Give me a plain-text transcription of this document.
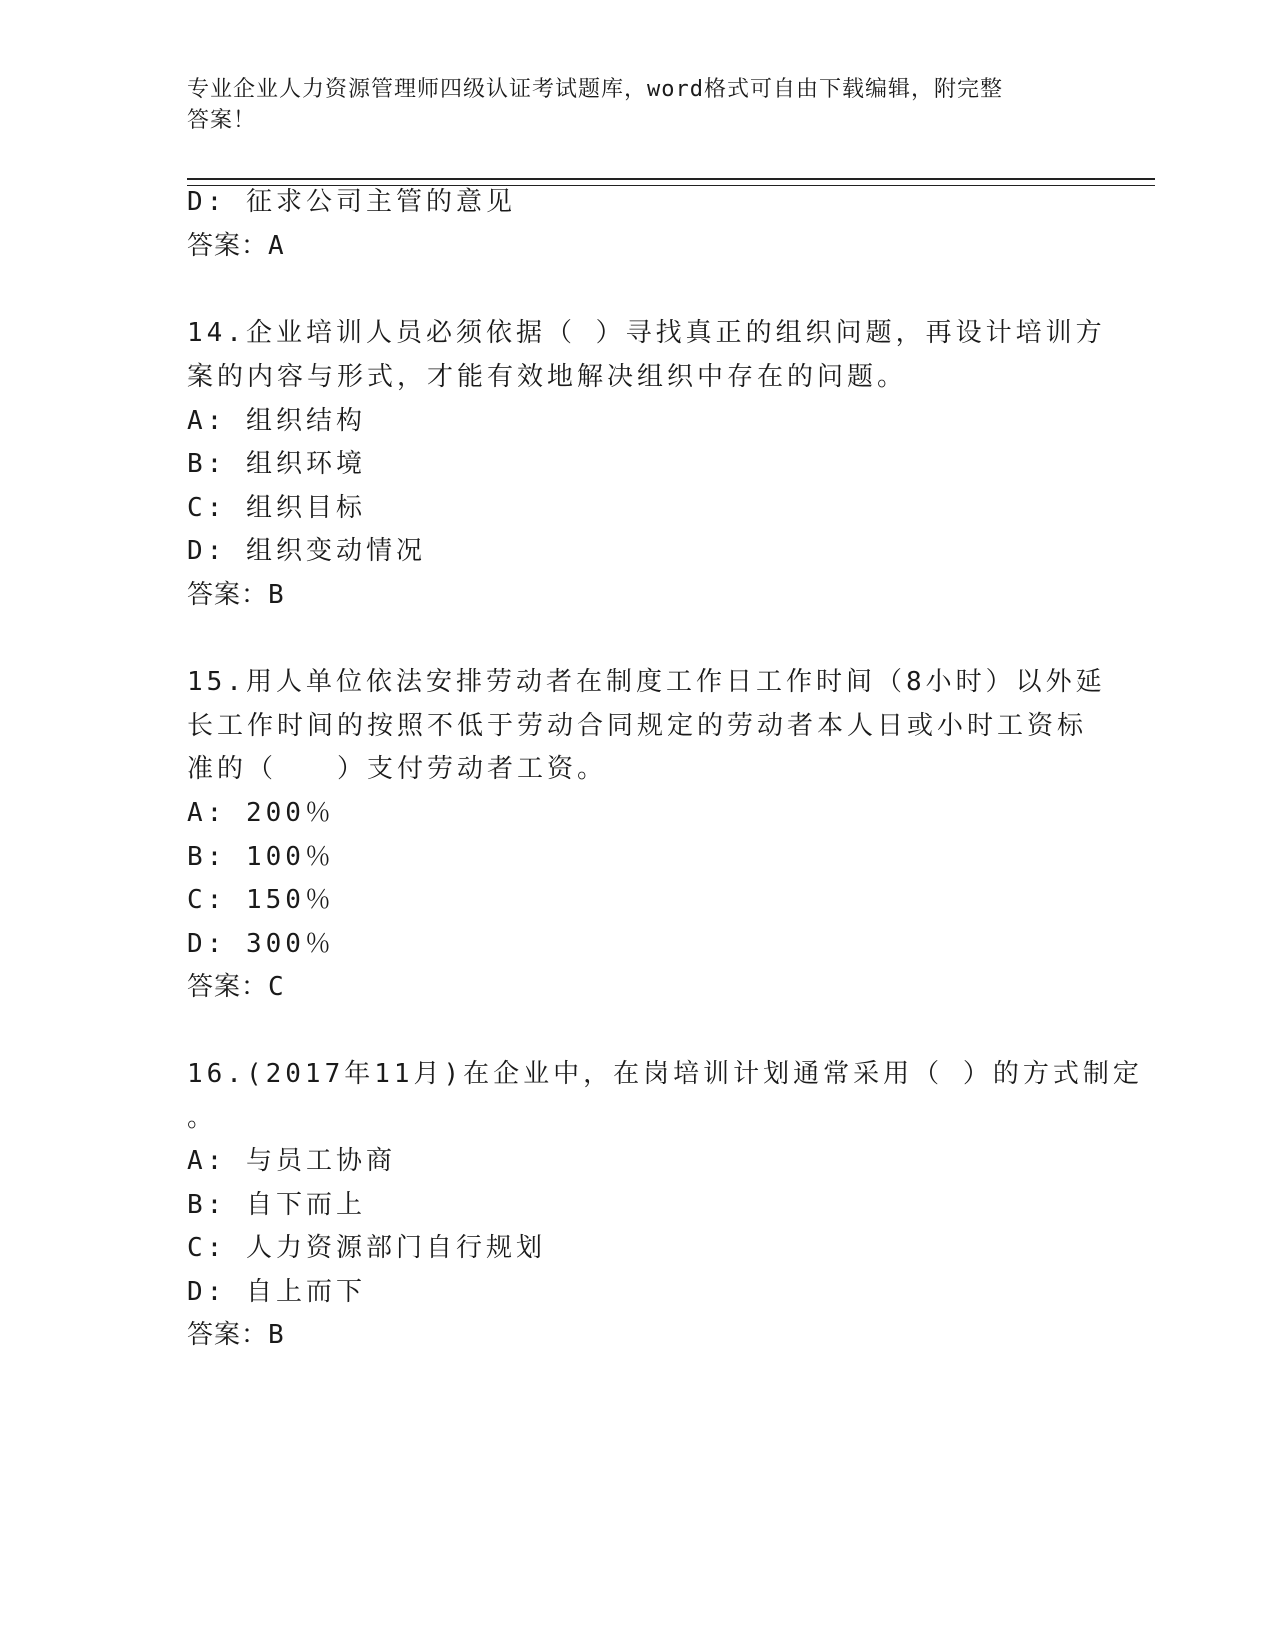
专业企业人力资源管理师四级认证考试题库，word格式可自由下载编辑，附完整
答案！
D: 征求公司主管的意见
答案：A
14.企业培训人员必须依据（ ）寻找真正的组织问题，再设计培训方
案的内容与形式，才能有效地解决组织中存在的问题。
A: 组织结构
B: 组织环境
C: 组织目标
D: 组织变动情况
答案：B
15.用人单位依法安排劳动者在制度工作日工作时间（8小时）以外延
长工作时间的按照不低于劳动合同规定的劳动者本人日或小时工资标
准的（　　）支付劳动者工资。
A: 200％
B: 100％
C: 150％
D: 300％
答案：C
16.(2017年11月)在企业中，在岗培训计划通常采用（ ）的方式制定
。
A: 与员工协商
B: 自下而上
C: 人力资源部门自行规划
D: 自上而下
答案：B
